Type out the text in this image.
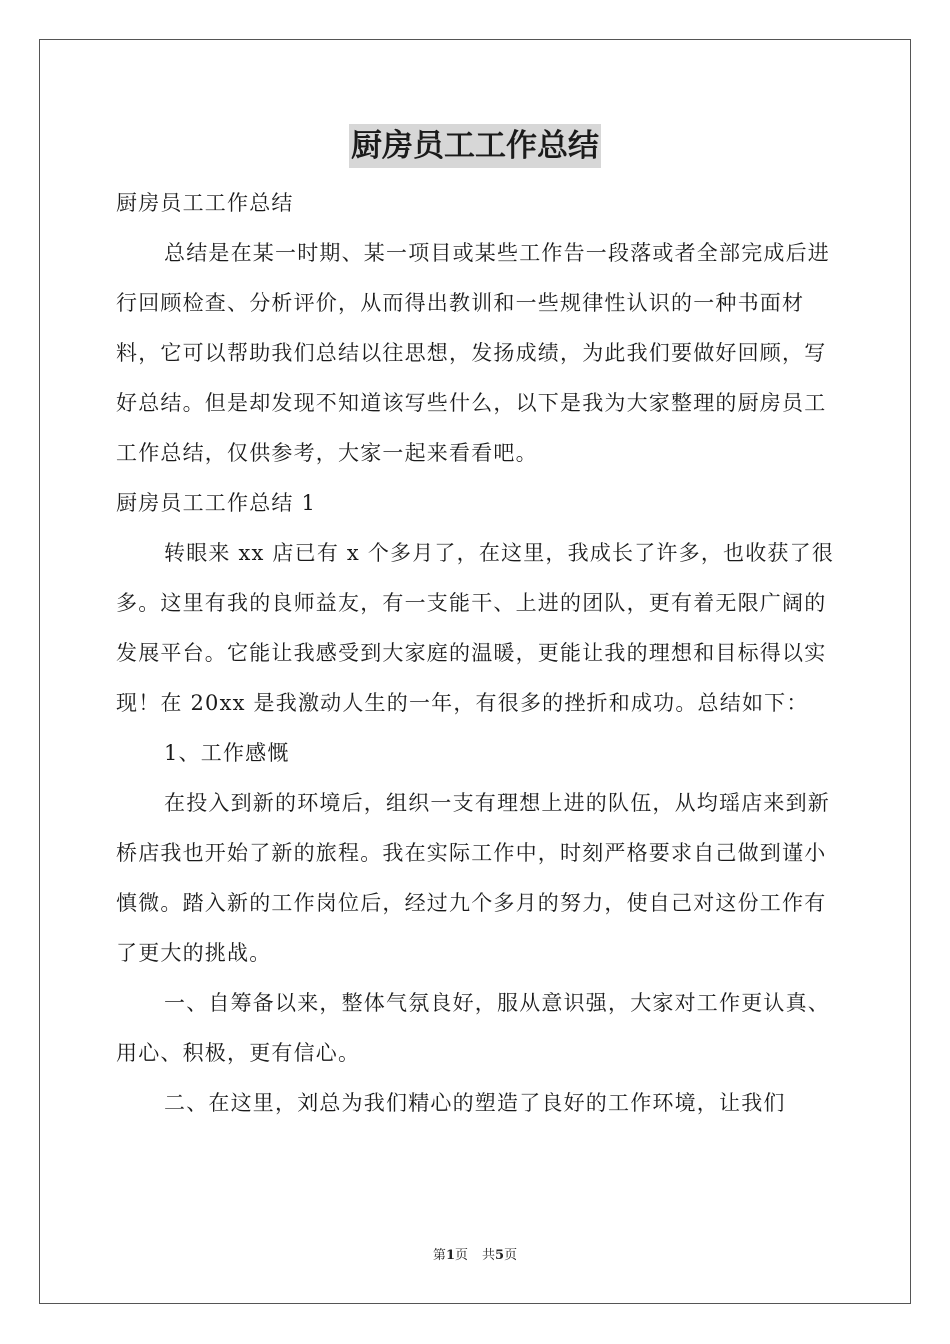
厨房员工工作总结

厨房员工工作总结

总结是在某一时期、某一项目或某些工作告一段落或者全部完成后进行回顾检查、分析评价，从而得出教训和一些规律性认识的一种书面材料，它可以帮助我们总结以往思想，发扬成绩，为此我们要做好回顾，写好总结。但是却发现不知道该写些什么，以下是我为大家整理的厨房员工工作总结，仅供参考，大家一起来看看吧。

厨房员工工作总结 1

转眼来 xx 店已有 x 个多月了，在这里，我成长了许多，也收获了很多。这里有我的良师益友，有一支能干、上进的团队，更有着无限广阔的发展平台。它能让我感受到大家庭的温暖，更能让我的理想和目标得以实现！在 20xx 是我激动人生的一年，有很多的挫折和成功。总结如下：

1、工作感慨

在投入到新的环境后，组织一支有理想上进的队伍，从均瑶店来到新桥店我也开始了新的旅程。我在实际工作中，时刻严格要求自己做到谨小慎微。踏入新的工作岗位后，经过九个多月的努力，使自己对这份工作有了更大的挑战。

一、自筹备以来，整体气氛良好，服从意识强，大家对工作更认真、用心、积极，更有信心。

二、在这里，刘总为我们精心的塑造了良好的工作环境，让我们

第1页 共5页
